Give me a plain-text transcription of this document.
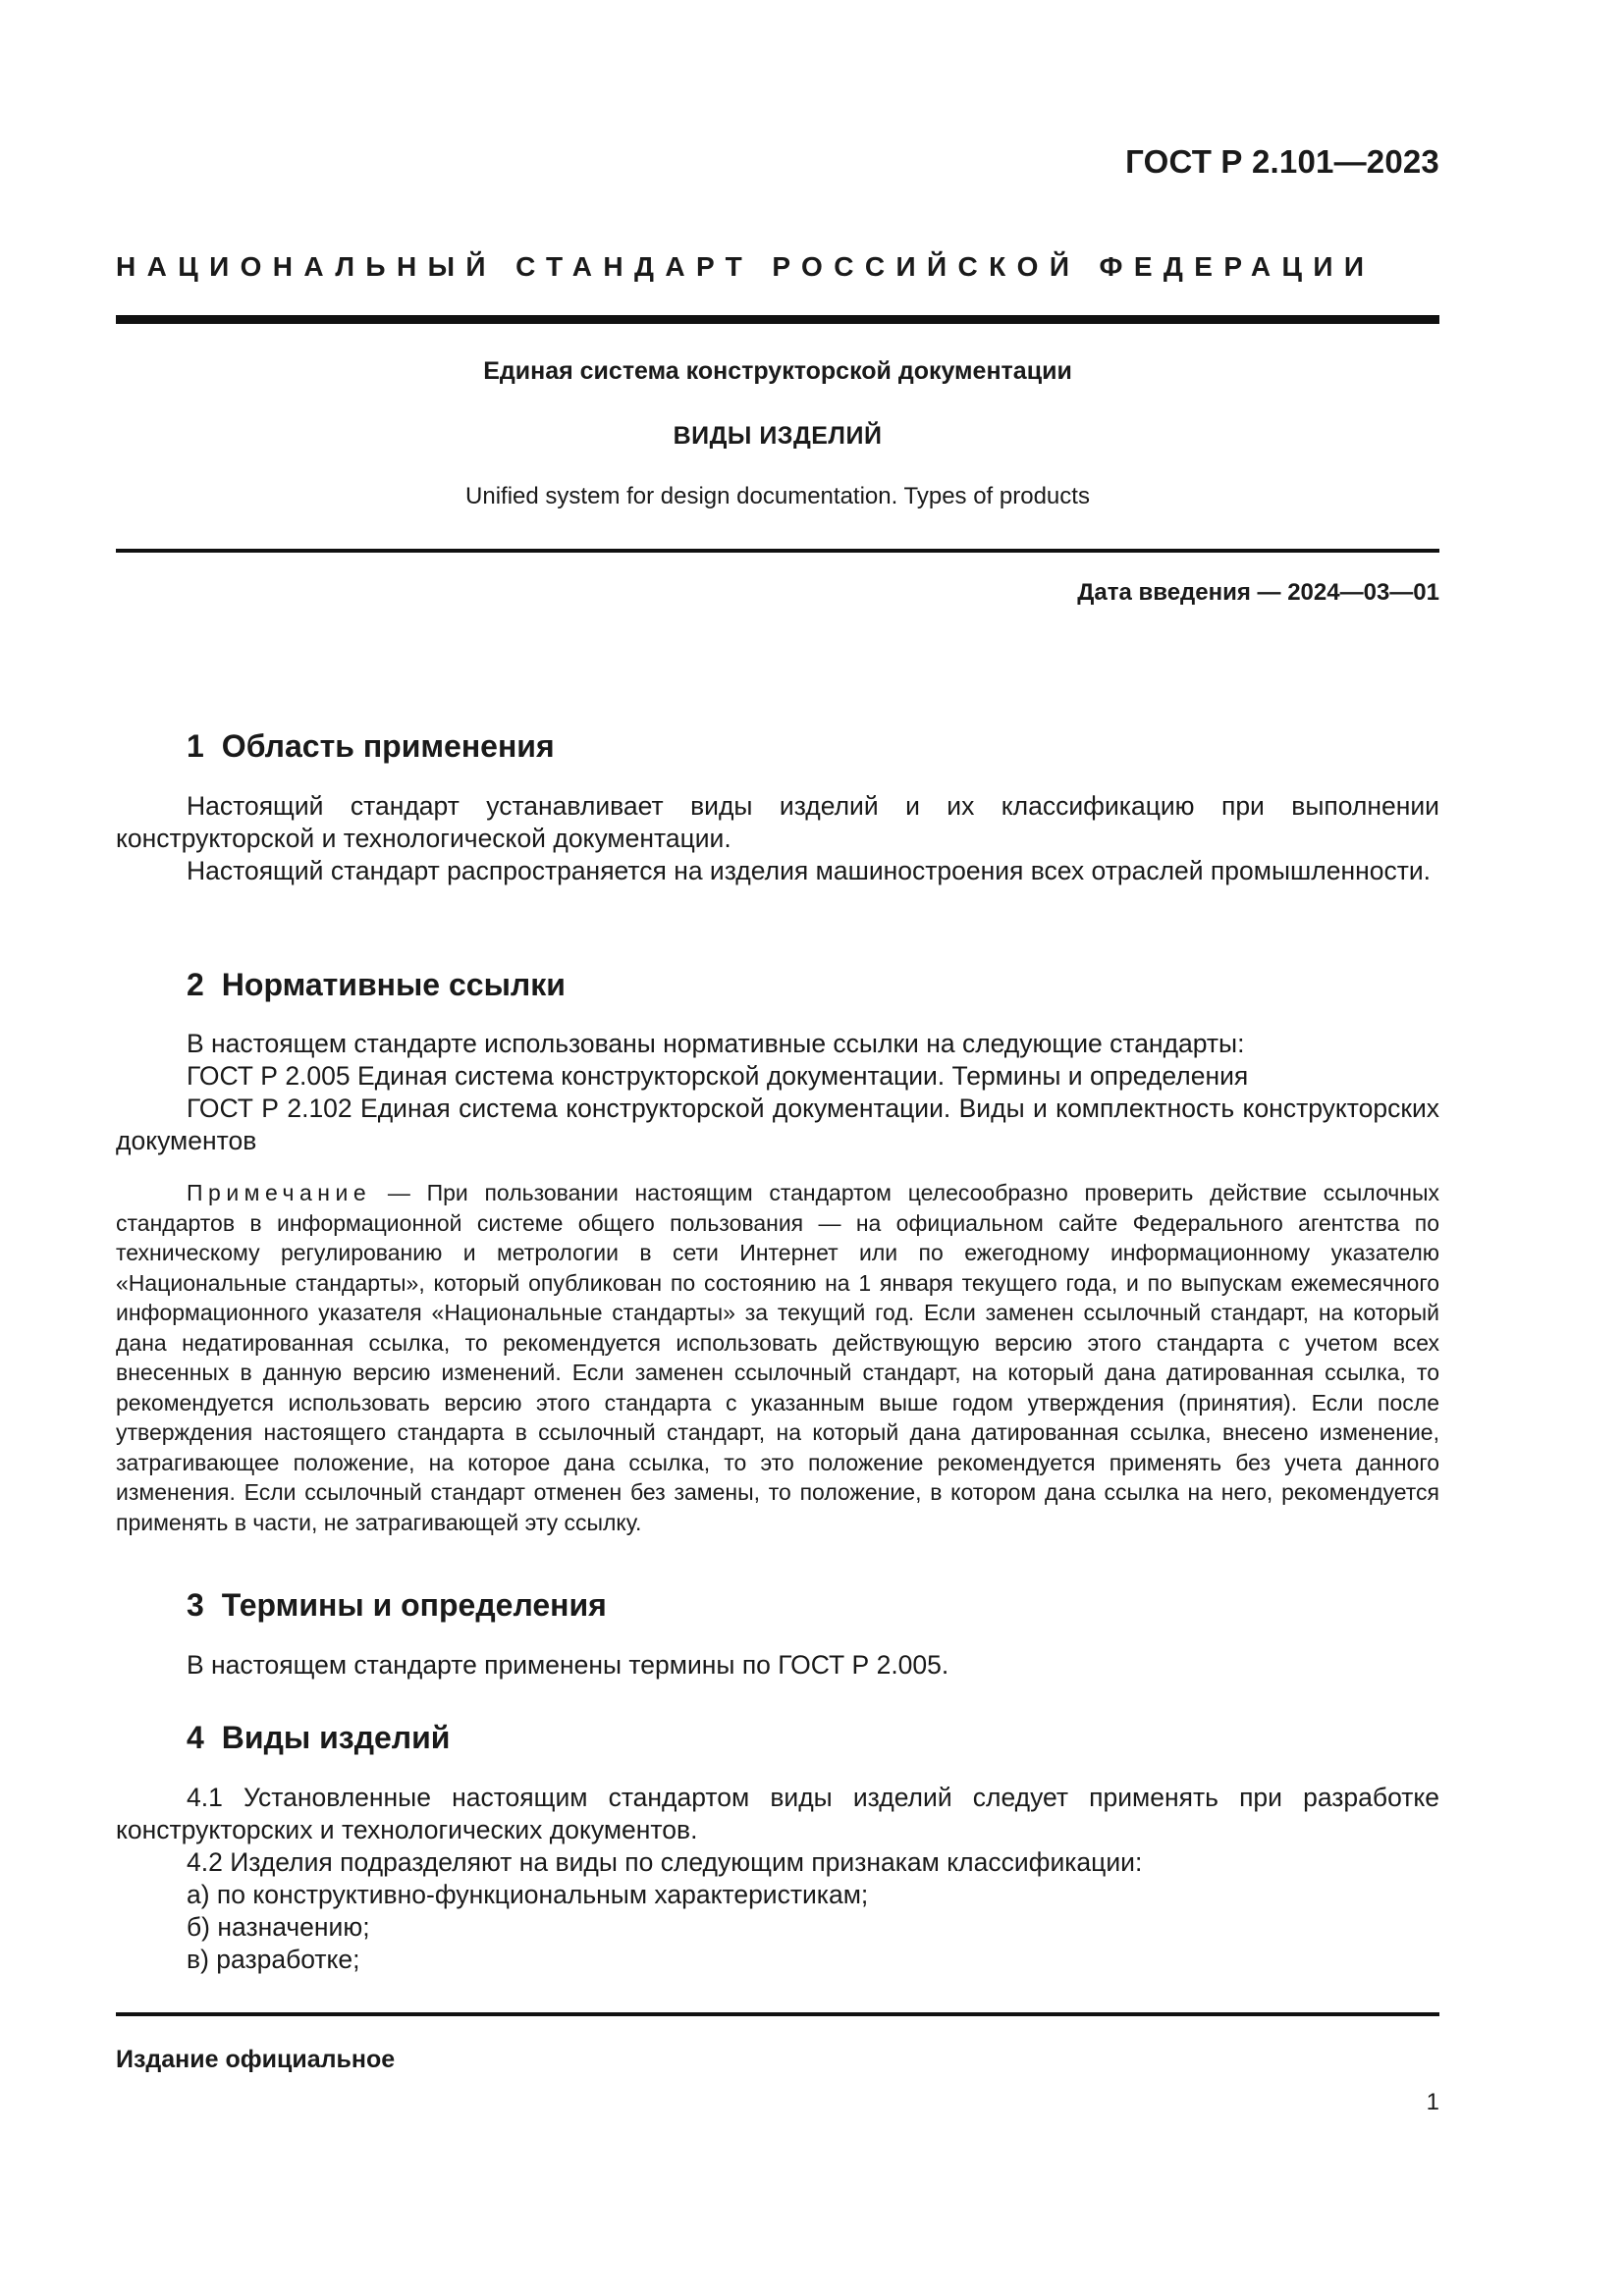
ГОСТ Р 2.101—2023
НАЦИОНАЛЬНЫЙ СТАНДАРТ РОССИЙСКОЙ ФЕДЕРАЦИИ
Единая система конструкторской документации
ВИДЫ ИЗДЕЛИЙ
Unified system for design documentation. Types of products
Дата введения — 2024—03—01
1 Область применения

Настоящий стандарт устанавливает виды изделий и их классификацию при выполнении конструкторской и технологической документации.

Настоящий стандарт распространяется на изделия машиностроения всех отраслей промышленности.

2 Нормативные ссылки

В настоящем стандарте использованы нормативные ссылки на следующие стандарты:

ГОСТ Р 2.005 Единая система конструкторской документации. Термины и определения

ГОСТ Р 2.102 Единая система конструкторской документации. Виды и комплектность конструкторских документов

Примечание — При пользовании настоящим стандартом целесообразно проверить действие ссылочных стандартов в информационной системе общего пользования — на официальном сайте Федерального агентства по техническому регулированию и метрологии в сети Интернет или по ежегодному информационному указателю «Национальные стандарты», который опубликован по состоянию на 1 января текущего года, и по выпускам ежемесячного информационного указателя «Национальные стандарты» за текущий год. Если заменен ссылочный стандарт, на который дана недатированная ссылка, то рекомендуется использовать действующую версию этого стандарта с учетом всех внесенных в данную версию изменений. Если заменен ссылочный стандарт, на который дана датированная ссылка, то рекомендуется использовать версию этого стандарта с указанным выше годом утверждения (принятия). Если после утверждения настоящего стандарта в ссылочный стандарт, на который дана датированная ссылка, внесено изменение, затрагивающее положение, на которое дана ссылка, то это положение рекомендуется применять без учета данного изменения. Если ссылочный стандарт отменен без замены, то положение, в котором дана ссылка на него, рекомендуется применять в части, не затрагивающей эту ссылку.

3 Термины и определения

В настоящем стандарте применены термины по ГОСТ Р 2.005.

4 Виды изделий

4.1 Установленные настоящим стандартом виды изделий следует применять при разработке конструкторских и технологических документов.

4.2 Изделия подразделяют на виды по следующим признакам классификации:

а) по конструктивно-функциональным характеристикам;

б) назначению;

в) разработке;

Издание официальное
1
